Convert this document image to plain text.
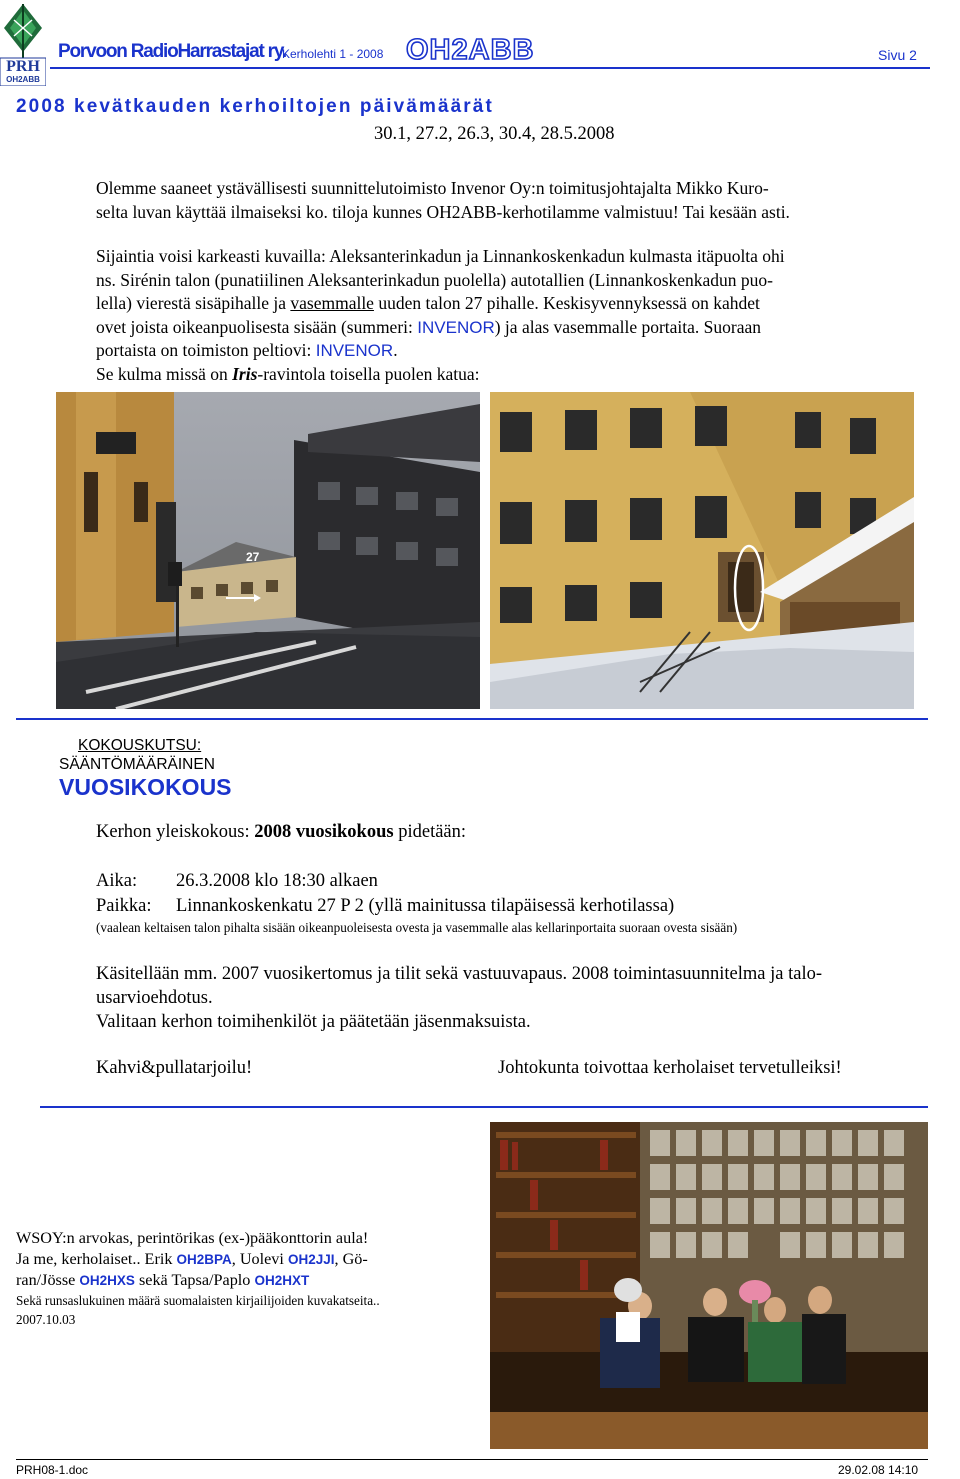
PRH
OH2ABB
Porvoon RadioHarrastajat ry.
Kerholehti 1 - 2008 OH2ABB	Sivu 2
2008 kevätkauden kerhoiltojen päivämäärät
30.1, 27.2, 26.3, 30.4, 28.5.2008
Olemme saaneet ystävällisesti suunnittelutoimisto Invenor Oy:n toimitusjohtajalta Mikko Kuro-
selta luvan käyttää ilmaiseksi ko. tiloja kunnes OH2ABB-kerhotilamme valmistuu! Tai kesään asti.
Sijaintia voisi karkeasti kuvailla: Aleksanterinkadun ja Linnankoskenkadun kulmasta itäpuolta ohi
ns. Sirénin talon (punatiilinen Aleksanterinkadun puolella) autotallien (Linnankoskenkadun puo-
lella) vierestä sisäpihalle ja vasemmalle uuden talon 27 pihalle. Keskisyvennyksessä on kahdet
ovet joista oikeanpuolisesta sisään (summeri: INVENOR) ja alas vasemmalle portaita. Suoraan
portaista on toimiston peltiovi: INVENOR.
Se kulma missä on Iris-ravintola toisella puolen katua:
27
KOKOUSKUTSU:
SÄÄNTÖMÄÄRÄINEN
VUOSIKOKOUS
Kerhon yleiskokous: 2008 vuosikokous pidetään:
Aika: 26.3.2008 klo 18:30 alkaen
Paikka: Linnankoskenkatu 27 P 2 (yllä mainitussa tilapäisessä kerhotilassa)
(vaalean keltaisen talon pihalta sisään oikeanpuoleisesta ovesta ja vasemmalle alas kellarinportaita suoraan ovesta sisään)
Käsitellään mm. 2007 vuosikertomus ja tilit sekä vastuuvapaus. 2008 toimintasuunnitelma ja talo-
usarvioehdotus.
Valitaan kerhon toimihenkilöt ja päätetään jäsenmaksuista.
Kahvi&pullatarjoilu!	Johtokunta toivottaa kerholaiset tervetulleiksi!
WSOY:n arvokas, perintörikas (ex-)pääkonttorin aula!
Ja me, kerholaiset.. Erik OH2BPA, Uolevi OH2JJI, Gö-
ran/Jösse OH2HXS sekä Tapsa/Paplo OH2HXT
Sekä runsaslukuinen määrä suomalaisten kirjailijoiden kuvakatseita..
2007.10.03
PRH08-1.doc	29.02.08 14:10
